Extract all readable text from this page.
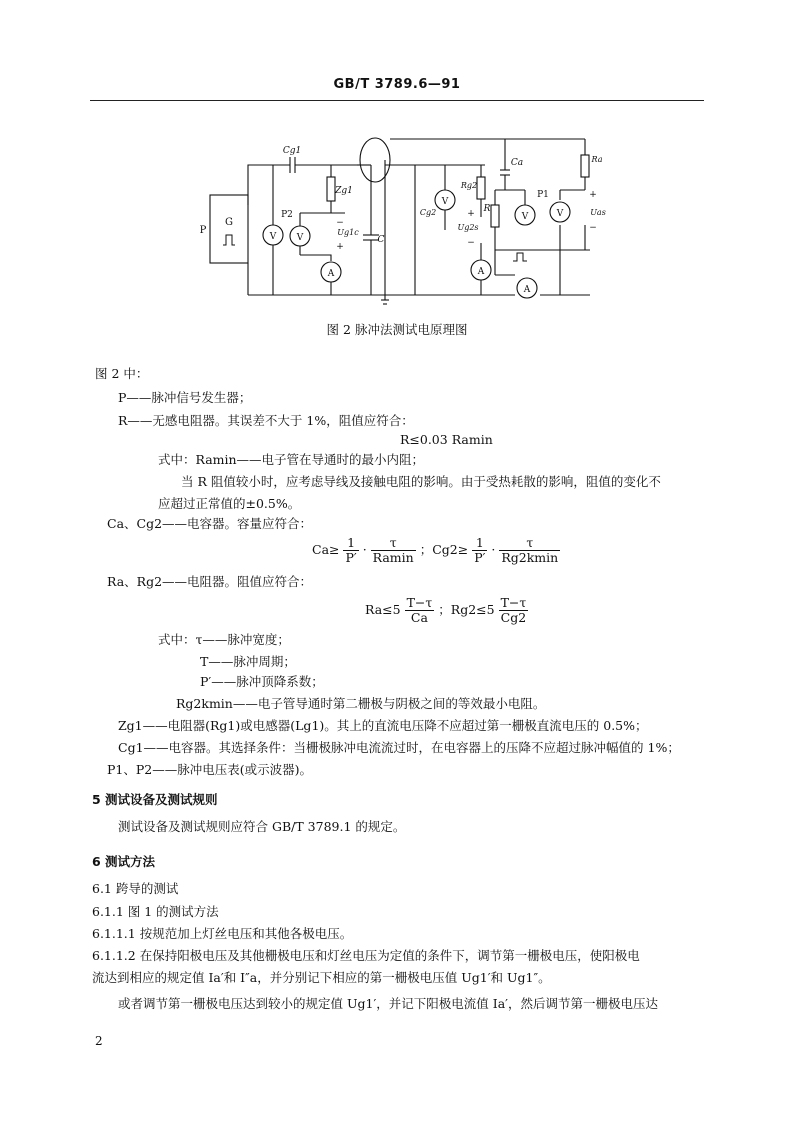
GB/T 3789.6—91
P
G
Cg1
Zg1
P2
V V
A
Ug1c
−
+
C
Cg2
V
Rg2
+
Ug2s
−
A
Ca
R
P1
V
Ra
+
V	Uas
−
A
图 2 脉冲法测试电原理图
图 2 中：
P——脉冲信号发生器；
R——无感电阻器。其误差不大于 1%，阻值应符合：
R≤0.03 Ramin
式中：Ramin——电子管在导通时的最小内阻；
当 R 阻值较小时，应考虑导线及接触电阻的影响。由于受热耗散的影响，阻值的变化不
应超过正常值的±0.5%。
Ca、Cg2——电容器。容量应符合：
$Ca\ge \frac{1}{P'} \cdot \frac{\tau}{Ramin}$ ；$Cg2\ge \frac{1}{P'} \cdot \frac{\tau}{Rg2kmin}$
Ra、Rg2——电阻器。阻值应符合：
$Ra\le 5 \frac{T-\tau}{Ca}$ ；$Rg2\le 5 \frac{T-\tau}{Cg2}$
式中：τ——脉冲宽度；
T——脉冲周期；
P′——脉冲顶降系数；
Rg2kmin——电子管导通时第二栅极与阴极之间的等效最小电阻。
Zg1——电阻器(Rg1)或电感器(Lg1)。其上的直流电压降不应超过第一栅极直流电压的 0.5%；
Cg1——电容器。其选择条件：当栅极脉冲电流流过时，在电容器上的压降不应超过脉冲幅值的 1%；
P1、P2——脉冲电压表(或示波器)。
5 测试设备及测试规则
测试设备及测试规则应符合 GB/T 3789.1 的规定。
6 测试方法
6.1 跨导的测试
6.1.1 图 1 的测试方法
6.1.1.1 按规范加上灯丝电压和其他各极电压。
6.1.1.2 在保持阳极电压及其他栅极电压和灯丝电压为定值的条件下，调节第一栅极电压，使阳极电
流达到相应的规定值 Ia′和 I″a，并分别记下相应的第一栅极电压值 Ug1′和 Ug1″。
或者调节第一栅极电压达到较小的规定值 Ug1′，并记下阳极电流值 Ia′，然后调节第一栅极电压达
2
